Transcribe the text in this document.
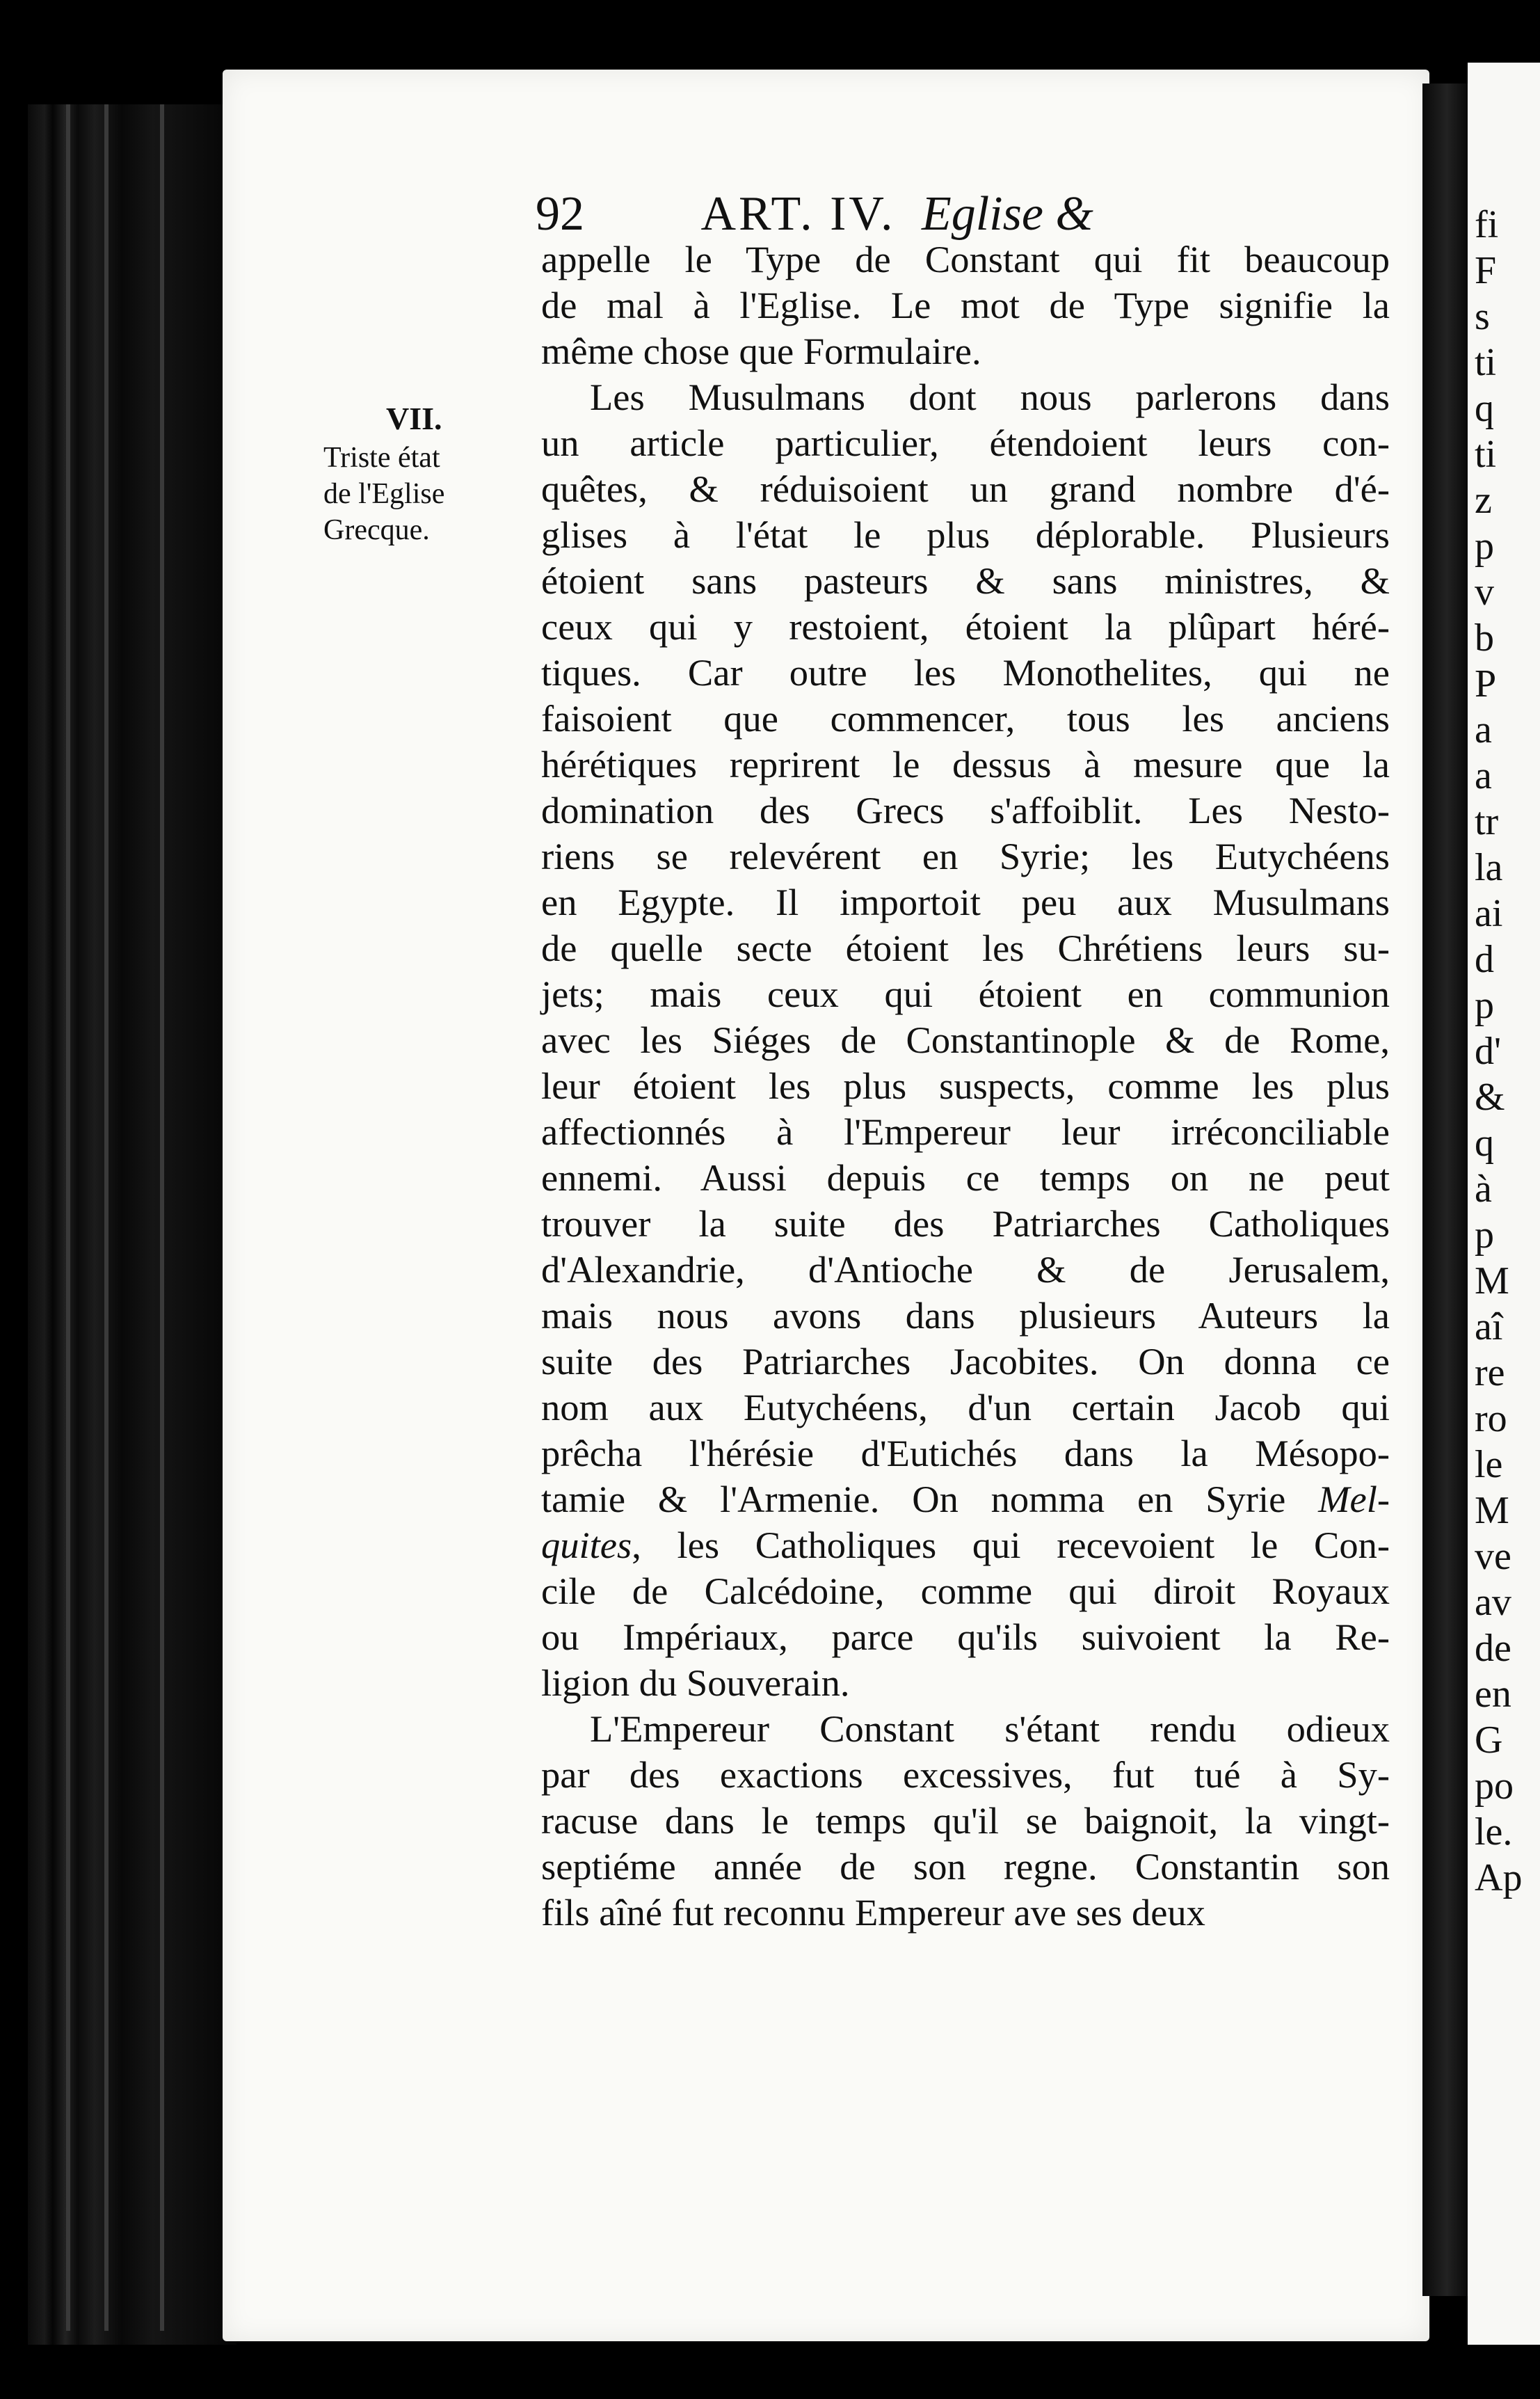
fi
F
s
ti
q
ti
z
p
v
b
P
a
a
tr
la
ai
d
p
d'
&
q
à
p
M
aî
re
ro
le
M
ve
av
de
en
G
po
le.
Ap
92 ART. IV. Eglise &
VII.
Triste état
de l'Eglise
Grecque.
appelle le Type de Constant qui fit beaucoup
de mal à l'Eglise. Le mot de Type signifie la
même chose que Formulaire.
Les Musulmans dont nous parlerons dans
un article particulier, étendoient leurs con-
quêtes, & réduisoient un grand nombre d'é-
glises à l'état le plus déplorable. Plusieurs
étoient sans pasteurs & sans ministres, &
ceux qui y restoient, étoient la plûpart héré-
tiques. Car outre les Monothelites, qui ne
faisoient que commencer, tous les anciens
hérétiques reprirent le dessus à mesure que la
domination des Grecs s'affoiblit. Les Nesto-
riens se relevérent en Syrie; les Eutychéens
en Egypte. Il importoit peu aux Musulmans
de quelle secte étoient les Chrétiens leurs su-
jets; mais ceux qui étoient en communion
avec les Siéges de Constantinople & de Rome,
leur étoient les plus suspects, comme les plus
affectionnés à l'Empereur leur irréconciliable
ennemi. Aussi depuis ce temps on ne peut
trouver la suite des Patriarches Catholiques
d'Alexandrie, d'Antioche & de Jerusalem,
mais nous avons dans plusieurs Auteurs la
suite des Patriarches Jacobites. On donna ce
nom aux Eutychéens, d'un certain Jacob qui
prêcha l'hérésie d'Eutichés dans la Mésopo-
tamie & l'Armenie. On nomma en Syrie Mel-
quites, les Catholiques qui recevoient le Con-
cile de Calcédoine, comme qui diroit Royaux
ou Impériaux, parce qu'ils suivoient la Re-
ligion du Souverain.
L'Empereur Constant s'étant rendu odieux
par des exactions excessives, fut tué à Sy-
racuse dans le temps qu'il se baignoit, la vingt-
septiéme année de son regne. Constantin son
fils aîné fut reconnu Empereur ave ses deux
